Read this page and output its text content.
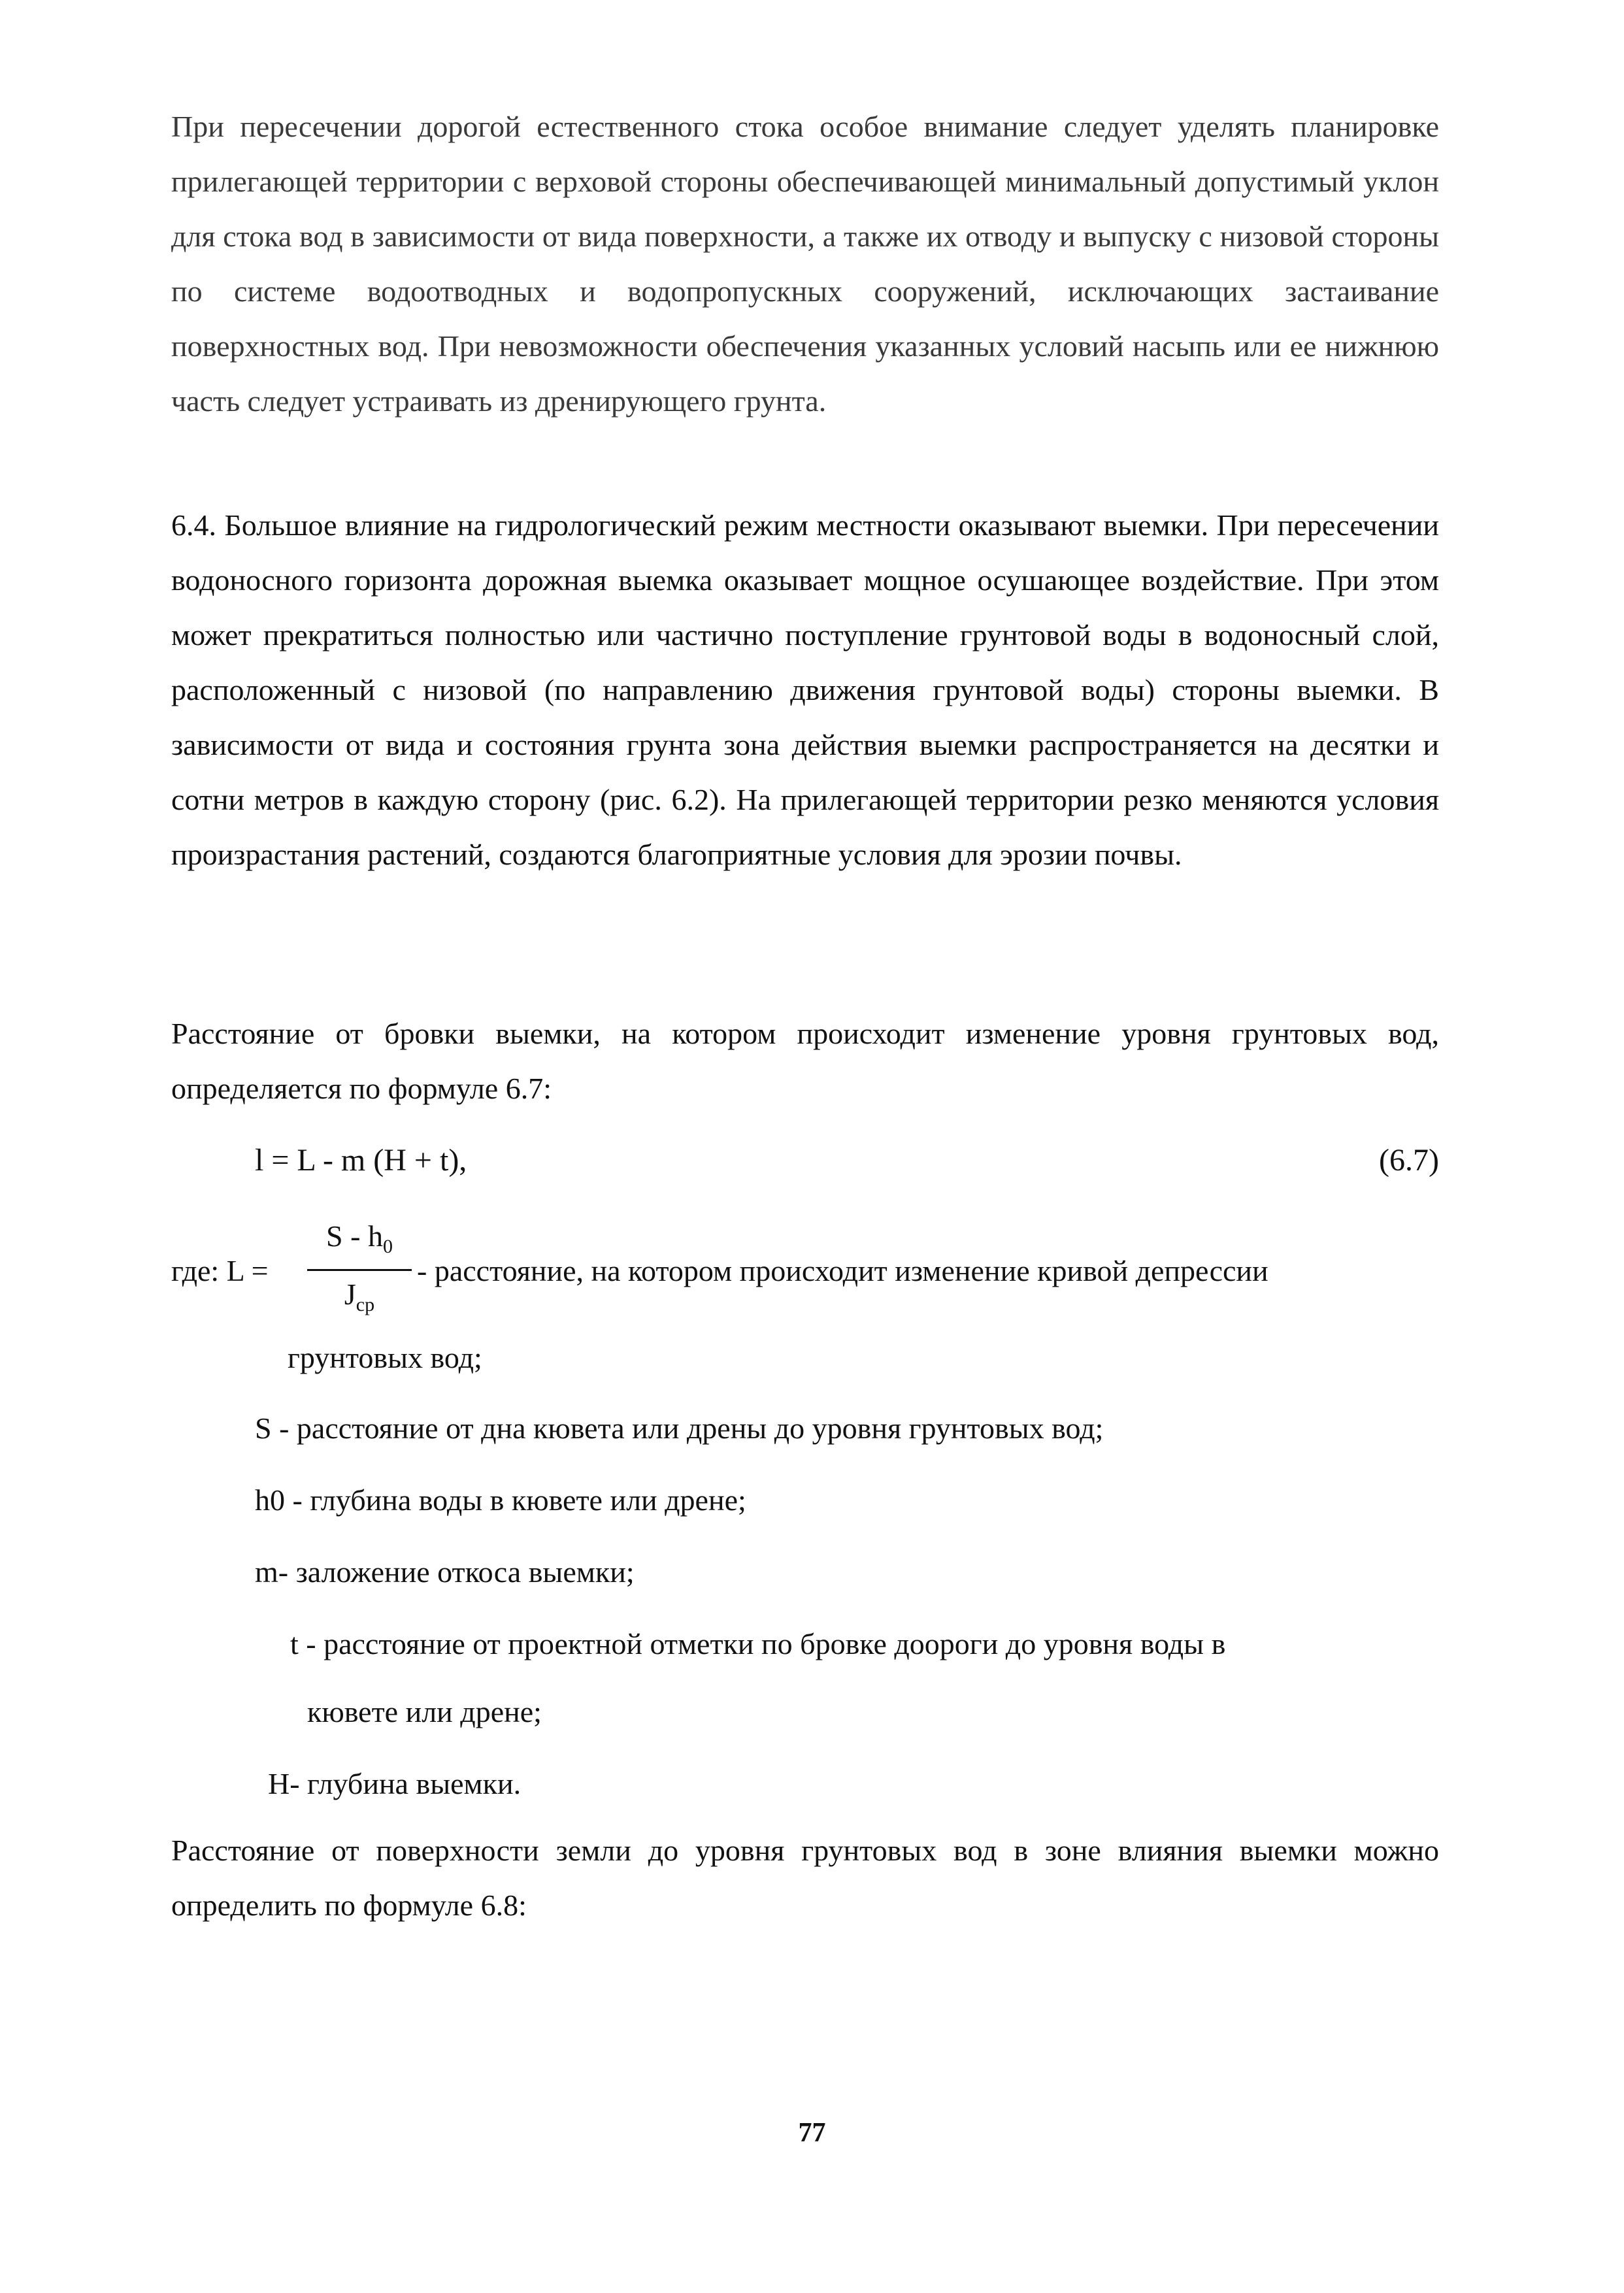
При пересечении дорогой естественного стока особое внимание следует уделять планировке прилегающей территории с верховой стороны обеспечивающей минимальный допустимый уклон для стока вод в зависимости от вида поверхности, а также их отводу и выпуску с низовой стороны по системе водоотводных и водопропускных сооружений, исключающих застаивание поверхностных вод. При невозможности обеспечения указанных условий насыпь или ее нижнюю часть следует устраивать из дренирующего грунта.

6.4. Большое влияние на гидрологический режим местности оказывают выемки. При пересечении водоносного горизонта дорожная выемка оказывает мощное осушающее воздействие. При этом может прекратиться полностью или частично поступление грунтовой воды в водоносный слой, расположенный с низовой (по направлению движения грунтовой воды) стороны выемки. В зависимости от вида и состояния грунта зона действия выемки распространяется на десятки и сотни метров в каждую сторону (рис. 6.2). На прилегающей территории резко меняются условия произрастания растений, создаются благоприятные условия для эрозии почвы.

Расстояние от бровки выемки, на котором происходит изменение уровня грунтовых вод, определяется по формуле 6.7:

l = L - m (H + t),	(6.7)
где: L =
S - $h_0$
$J_{ср}$
- расстояние, на котором происходит изменение кривой депрессии
грунтовых вод;
S - расстояние от дна кювета или дрены до уровня грунтовых вод;
h0 - глубина воды в кювете или дрене;
m- заложение откоса выемки;
t - расстояние от проектной отметки по бровке доороги до уровня воды в
кювете или дрене;
Н- глубина выемки.

Расстояние от поверхности земли до уровня грунтовых вод в зоне влияния выемки можно определить по формуле 6.8:

77
